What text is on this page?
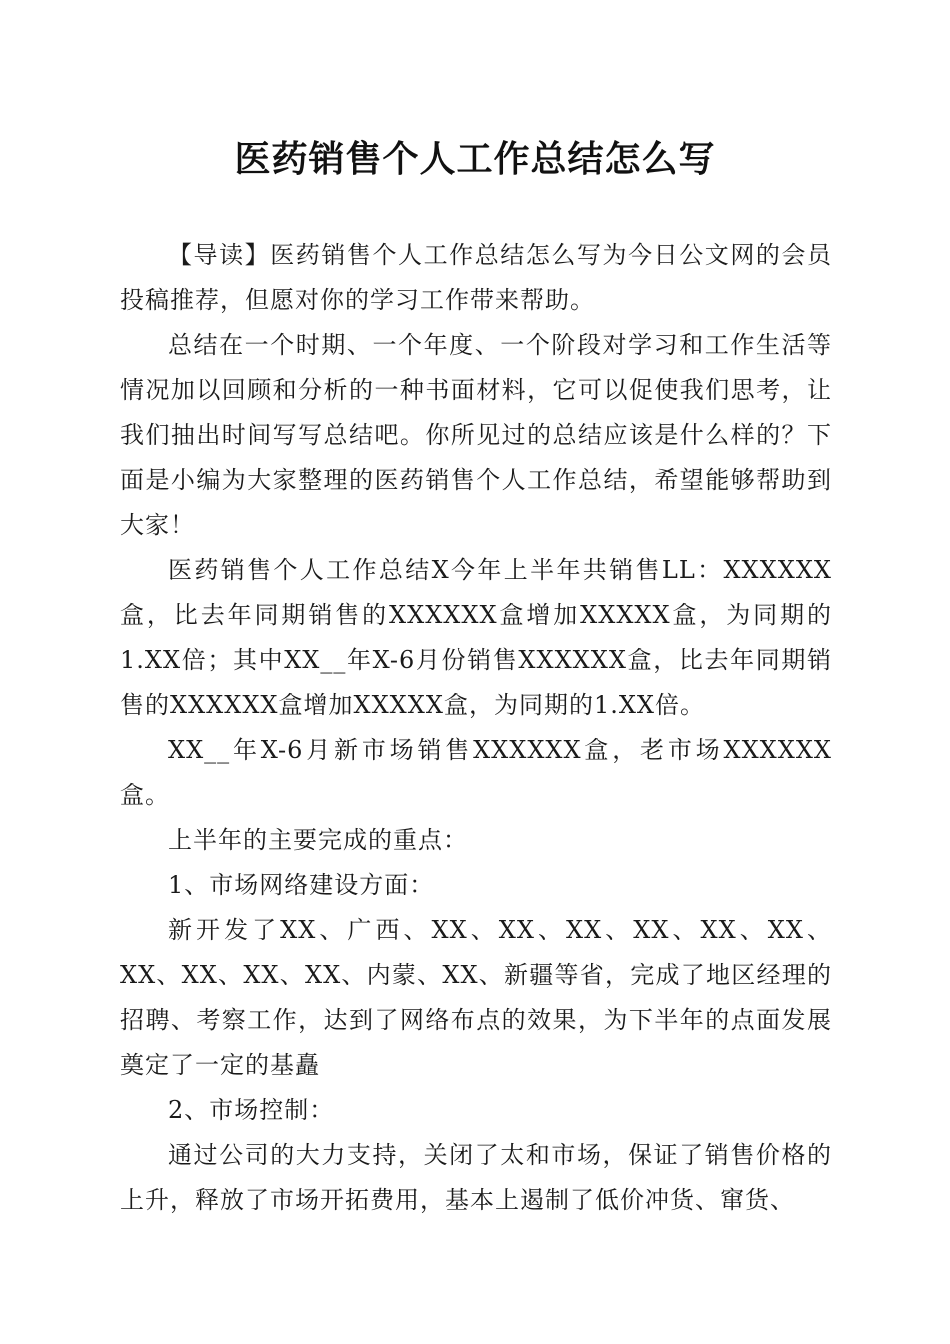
医药销售个人工作总结怎么写

【导读】医药销售个人工作总结怎么写为今日公文网的会员投稿推荐，但愿对你的学习工作带来帮助。

总结在一个时期、一个年度、一个阶段对学习和工作生活等情况加以回顾和分析的一种书面材料，它可以促使我们思考，让我们抽出时间写写总结吧。你所见过的总结应该是什么样的？下面是小编为大家整理的医药销售个人工作总结，希望能够帮助到大家！

医药销售个人工作总结X今年上半年共销售LL：XXXXXX盒，比去年同期销售的XXXXXX盒增加XXXXX盒，为同期的1.XX倍；其中XX__年X-6月份销售XXXXXX盒，比去年同期销售的XXXXXX盒增加XXXXX盒，为同期的1.XX倍。

XX__年X-6月新市场销售XXXXXX盒，老市场XXXXXX盒。

上半年的主要完成的重点：

1、市场网络建设方面：

新开发了XX、广西、XX、XX、XX、XX、XX、XX、XX、XX、XX、XX、内蒙、XX、新疆等省，完成了地区经理的招聘、考察工作，达到了网络布点的效果，为下半年的点面发展奠定了一定的基矗

2、市场控制：

通过公司的大力支持，关闭了太和市场，保证了销售价格的上升，释放了市场开拓费用，基本上遏制了低价冲货、窜货、
